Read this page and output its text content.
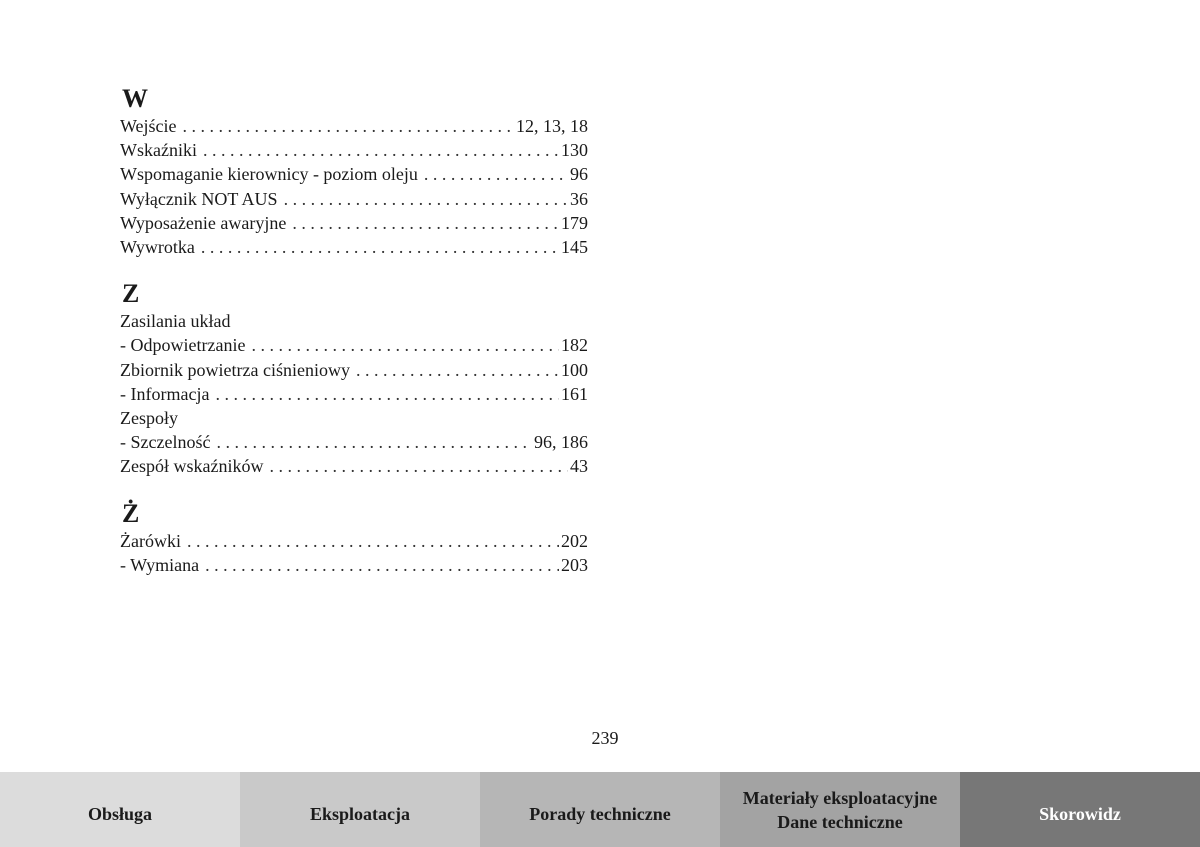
W
Wejście . . .	12, 13, 18
Wskaźniki . . .	130
Wspomaganie kierownicy - poziom oleju . . .	96
Wyłącznik NOT AUS . . .	36
Wyposażenie awaryjne . . .	179
Wywrotka . . .	145
Z
Zasilania układ
- Odpowietrzanie . . .	182
Zbiornik powietrza ciśnieniowy . . .	100
- Informacja . . .	161
Zespoły
- Szczelność . . .	96, 186
Zespół wskaźników . . .	43
Ż
Żarówki . . .	202
- Wymiana . . .	203
239
Obsługa	Eksploatacja	Porady techniczne
Materiały eksploatacyjne
Dane techniczne	Skorowidz
